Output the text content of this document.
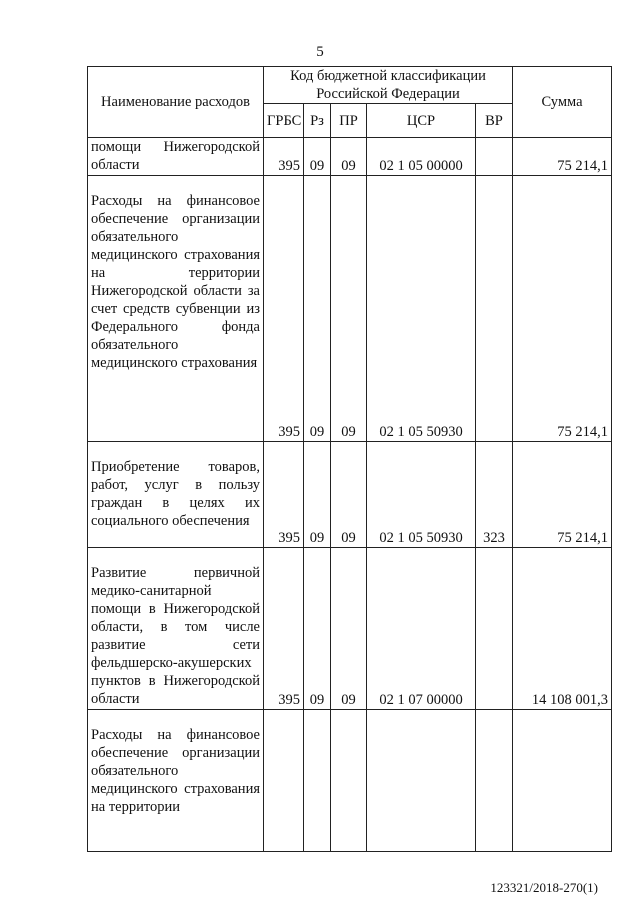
5
Наименование расходов	Код бюджетной классификации Российской Федерации					Сумма
	ГРБС	Рз	ПР	ЦСР	ВР	
помощи Нижегородской области	395	09	09	02 1 05 00000		75 214,1
Расходы на финансовое обеспечение организации обязательного медицинского страхования на территории Нижегородской области за счет средств субвенции из Федерального фонда обязательного медицинского страхования	395	09	09	02 1 05 50930		75 214,1
Приобретение товаров, работ, услуг в пользу граждан в целях их социального обеспечения	395	09	09	02 1 05 50930	323	75 214,1
Развитие первичной медико-санитарной помощи в Нижегородской области, в том числе развитие сети фельдшерско-акушерских пунктов в Нижегородской области	395	09	09	02 1 07 00000		14 108 001,3
Расходы на финансовое обеспечение организации обязательного медицинского страхования на территории						
123321/2018-270(1)
